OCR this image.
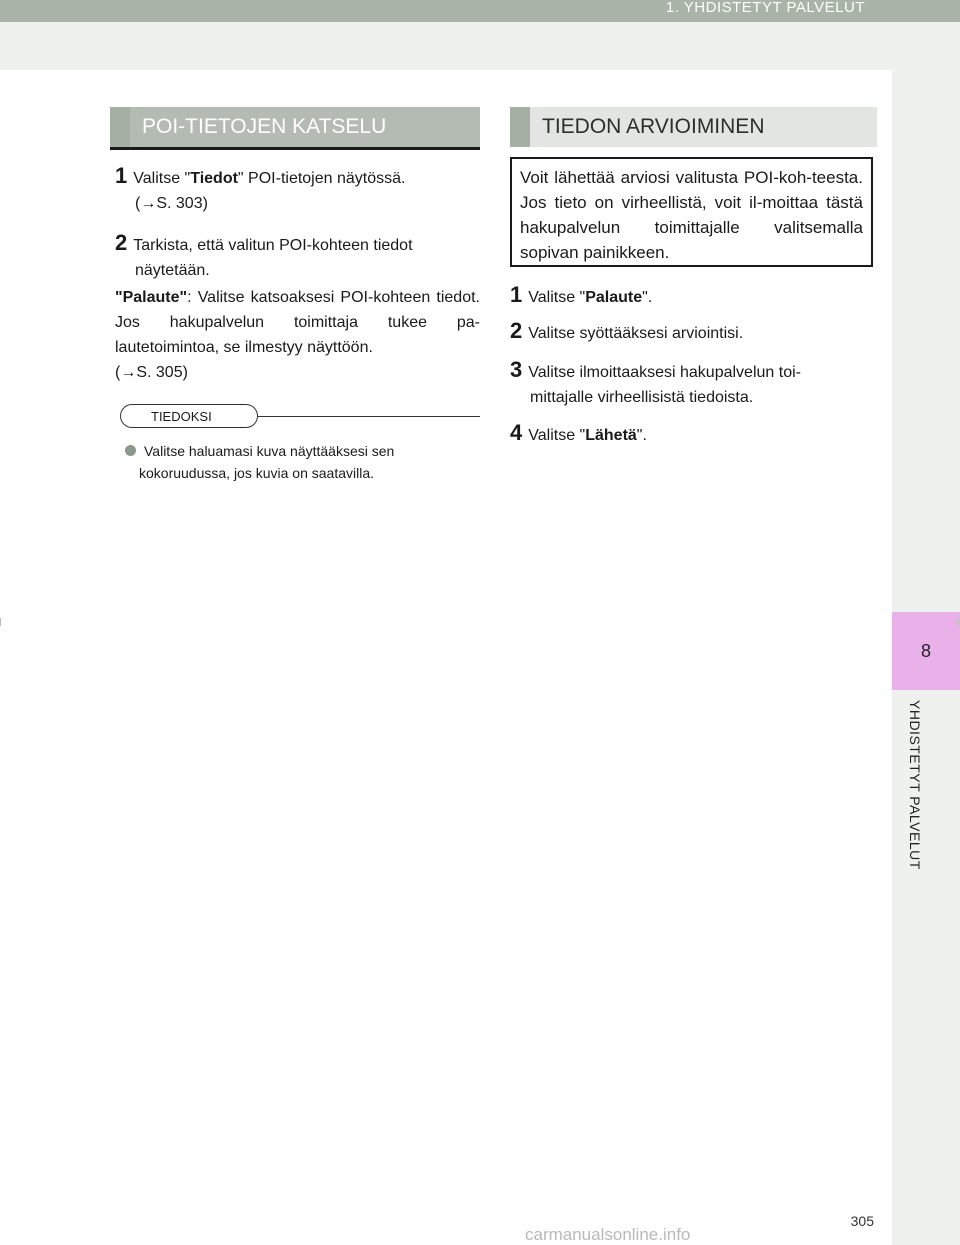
1. YHDISTETYT PALVELUT
8
YHDISTETYT PALVELUT
POI-TIETOJEN KATSELU
1 Valitse "Tiedot" POI-tietojen näytössä.
(→S. 303)
2 Tarkista, että valitun POI-kohteen tiedot
näytetään.
"Palaute": Valitse katsoaksesi POI-kohteen tiedot. Jos hakupalvelun toimittaja tukee pa-lautetoimintoa, se ilmestyy näyttöön.
(→S. 305)
TIEDOKSI
Valitse haluamasi kuva näyttääksesi sen
kokoruudussa, jos kuvia on saatavilla.
TIEDON ARVIOIMINEN
Voit lähettää arviosi valitusta POI-koh-teesta. Jos tieto on virheellistä, voit il-moittaa tästä hakupalvelun toimittajalle valitsemalla sopivan painikkeen.
1 Valitse "Palaute".
2 Valitse syöttääksesi arviointisi.
3 Valitse ilmoittaaksesi hakupalvelun toi-
mittajalle virheellisistä tiedoista.
4 Valitse "Lähetä".
305
carmanualsonline.info
